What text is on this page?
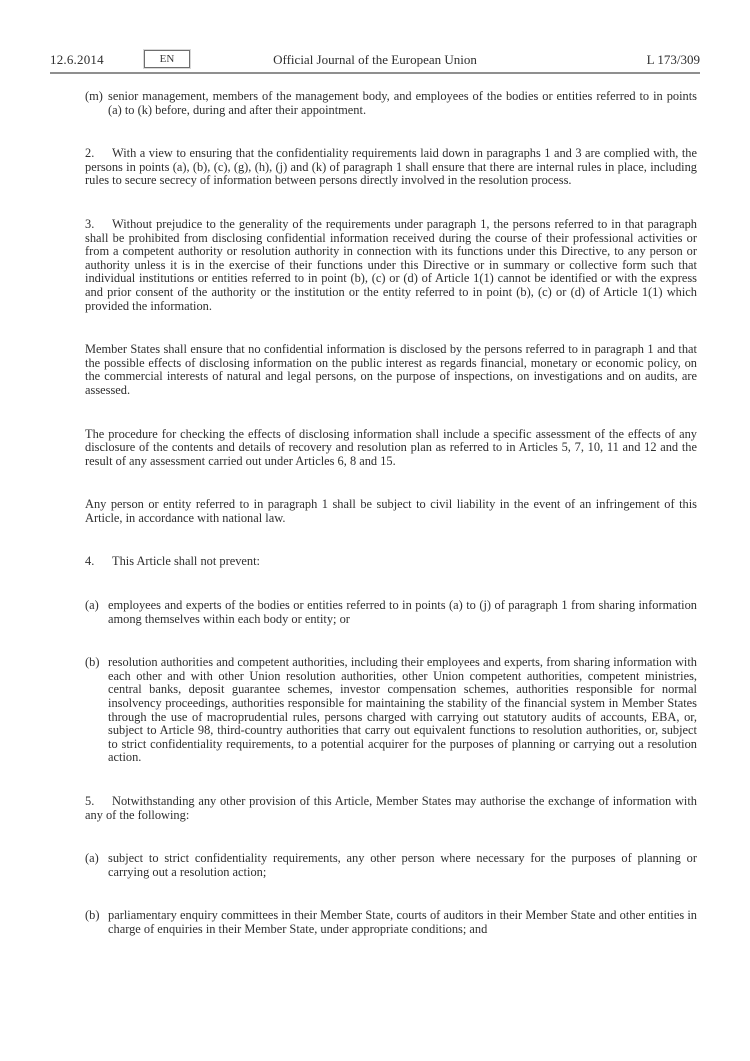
12.6.2014	EN	Official Journal of the European Union	L 173/309

(m) senior management, members of the management body, and employees of the bodies or entities referred to in points (a) to (k) before, during and after their appointment.

2. With a view to ensuring that the confidentiality requirements laid down in paragraphs 1 and 3 are complied with, the persons in points (a), (b), (c), (g), (h), (j) and (k) of paragraph 1 shall ensure that there are internal rules in place, including rules to secure secrecy of information between persons directly involved in the resolution process.

3. Without prejudice to the generality of the requirements under paragraph 1, the persons referred to in that paragraph shall be prohibited from disclosing confidential information received during the course of their professional activities or from a competent authority or resolution authority in connection with its functions under this Directive, to any person or authority unless it is in the exercise of their functions under this Directive or in summary or collective form such that individual institutions or entities referred to in point (b), (c) or (d) of Article 1(1) cannot be identified or with the express and prior consent of the authority or the institution or the entity referred to in point (b), (c) or (d) of Article 1(1) which provided the information.

Member States shall ensure that no confidential information is disclosed by the persons referred to in paragraph 1 and that the possible effects of disclosing information on the public interest as regards financial, monetary or economic policy, on the commercial interests of natural and legal persons, on the purpose of inspections, on investigations and on audits, are assessed.

The procedure for checking the effects of disclosing information shall include a specific assessment of the effects of any disclosure of the contents and details of recovery and resolution plan as referred to in Articles 5, 7, 10, 11 and 12 and the result of any assessment carried out under Articles 6, 8 and 15.

Any person or entity referred to in paragraph 1 shall be subject to civil liability in the event of an infringement of this Article, in accordance with national law.

4. This Article shall not prevent:

(a) employees and experts of the bodies or entities referred to in points (a) to (j) of paragraph 1 from sharing information among themselves within each body or entity; or

(b) resolution authorities and competent authorities, including their employees and experts, from sharing information with each other and with other Union resolution authorities, other Union competent authorities, competent ministries, central banks, deposit guarantee schemes, investor compensation schemes, authorities responsible for normal insolvency proceedings, authorities responsible for maintaining the stability of the financial system in Member States through the use of macroprudential rules, persons charged with carrying out statutory audits of accounts, EBA, or, subject to Article 98, third-country authorities that carry out equivalent functions to resolution authorities, or, subject to strict confidentiality requirements, to a potential acquirer for the purposes of planning or carrying out a resolution action.

5. Notwithstanding any other provision of this Article, Member States may authorise the exchange of information with any of the following:

(a) subject to strict confidentiality requirements, any other person where necessary for the purposes of planning or carrying out a resolution action;

(b) parliamentary enquiry committees in their Member State, courts of auditors in their Member State and other entities in charge of enquiries in their Member State, under appropriate conditions; and
